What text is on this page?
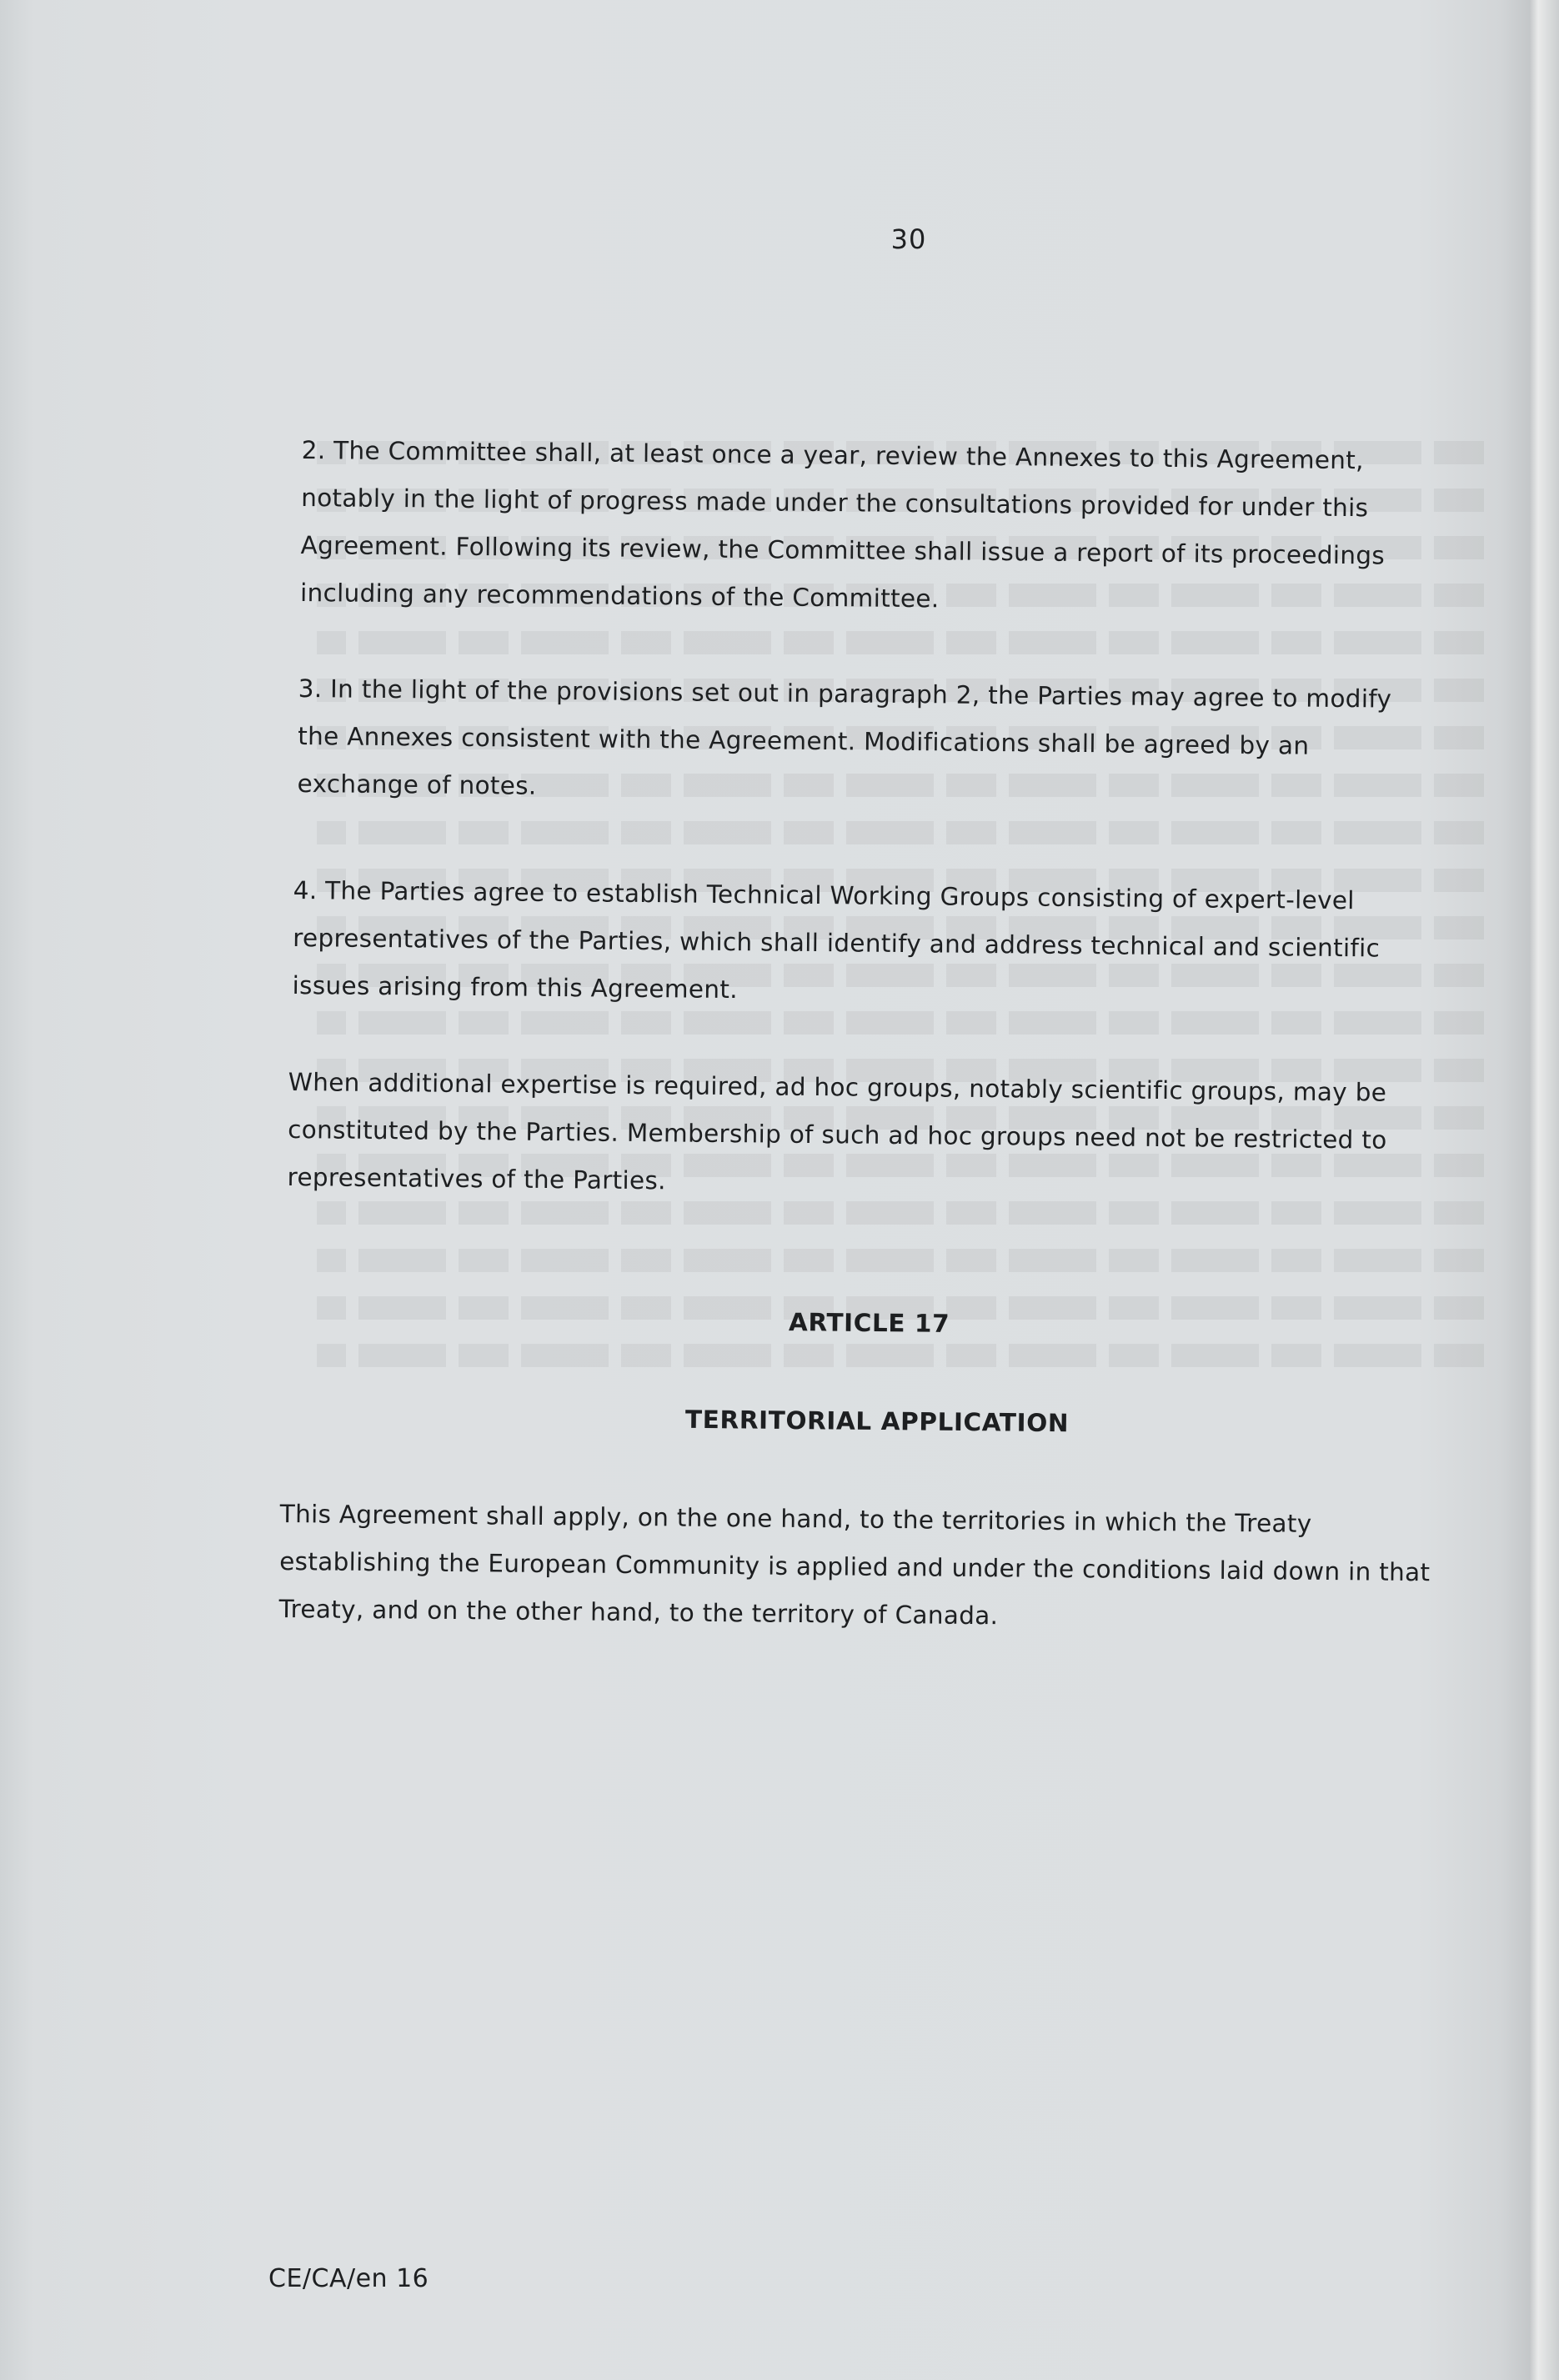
30

2. The Committee shall, at least once a year, review the Annexes to this Agreement, notably in the light of progress made under the consultations provided for under this Agreement. Following its review, the Committee shall issue a report of its proceedings including any recommendations of the Committee.

3. In the light of the provisions set out in paragraph 2, the Parties may agree to modify the Annexes consistent with the Agreement. Modifications shall be agreed by an exchange of notes.

4. The Parties agree to establish Technical Working Groups consisting of expert-level representatives of the Parties, which shall identify and address technical and scientific issues arising from this Agreement.

When additional expertise is required, ad hoc groups, notably scientific groups, may be constituted by the Parties. Membership of such ad hoc groups need not be restricted to representatives of the Parties.

ARTICLE 17
TERRITORIAL APPLICATION

This Agreement shall apply, on the one hand, to the territories in which the Treaty establishing the European Community is applied and under the conditions laid down in that Treaty, and on the other hand, to the territory of Canada.

CE/CA/en 16
